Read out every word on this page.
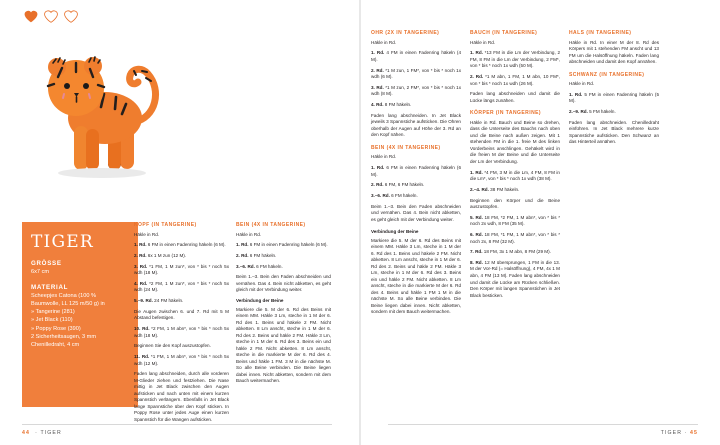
TIGER
GRÖSSE
6x7 cm
MATERIAL
Scheepjes Catona (100 %
Baumwolle, LL 125 m/50 g) in
» Tangerine (281)
» Jet Black (110)
» Poppy Rose (390)
2 Sicherheitsaugen, 3 mm
Chenilledraht, 4 cm
KOPF (IN TANGERINE)

Häkle in Rd.

1. Rd. 6 FM in einen Fadenring häkeln (6 M).

2. Rd. 6x 1 M zun (12 M).

3. Rd. *1 FM, 1 M zun*, von * bis * noch 5x wdh (18 M).

4. Rd. *2 FM, 1 M zun*, von * bis * noch 5x wdh (24 M).

5.–9. Rd. 24 FM häkeln.

Die Augen zwischen 6. und 7. Rd mit 5 M Abstand befestigen.

10. Rd. *2 FM, 1 M abn*, von * bis * noch 5x wdh (18 M).

Beginnen Sie den Kopf auszustopfen.

11. Rd. *1 FM, 1 M abn*, von * bis * noch 5x wdh (12 M).

Faden lang abschneiden, durch alle vorderen M-Glieder ziehen und festziehen. Die Nase mittig in Jet Black zwischen den Augen aufsticken und nach unten mit einem kurzen Spannstich verlängern. Ebenfalls in Jet Black lange Spannstiche über den Kopf sticken. In Poppy Rose unter jedes Auge einen kurzen Spannstich für die Wangen aufsticken.

BEIN (4X IN TANGERINE)

Häkle in Rd.

1. Rd. 6 FM in einen Fadenring häkeln (6 M).

2. Rd. 6 FM häkeln.

3.–6. Rd. 6 FM häkeln.

Beim 1.–3. Bein den Faden abschneiden und vernähen. Das 4. Bein nicht abketten, es geht gleich mit der Verbindung weiter.

Verbindung der Beine

Markiere die 5. M der 6. Rd des Beins mit einem MM. Häkle 3 Lm, steche in 1 M der 6. Rd des 1. Beins und häkele 2 FM. Nicht abketten. 8 Lm anscht, steche in 1 M der 6. Rd des 2. Beins und häkle 2 FM. Häkle 3 Lm, steche in 1 M der 6. Rd des 3. Beins ein und häkle 2 FM. Nicht abketten. 8 Lm anscht, steche in die markierte M der 6. Rd des 4. Beins und häkle 1 FM. 3 M in die nächste M. So alle Beine verbinden. Die Beine liegen dabei innen. Nicht abketten, sondern mit dem Bauch weitermachen.

OHR (2X IN TANGERINE)

Häkle in Rd.

1. Rd. 4 FM in einen Fadenring häkeln (4 M).

2. Rd. *1 M zun, 1 FM*, von * bis * noch 1x wdh (6 M).

3. Rd. *1 M zun, 2 FM*, von * bis * noch 1x wdh (8 M).

4. Rd. 8 FM häkeln.

Faden lang abschneiden. In Jet Black jeweils 3 Spannstiche aufsticken. Die Ohren oberhalb der Augen auf Höhe der 3. Rd an den Kopf nähen.

BEIN (4X IN TANGERINE)

Häkle in Rd.

1. Rd. 6 FM in einen Fadenring häkeln (6 M).

2. Rd. 6 FM, 6 FM häkeln.

3.–6. Rd. 6 FM häkeln.

Beim 1.–3. Bein den Faden abschneiden und vernähen. Das 4. Bein nicht abketten, es geht gleich mit der Verbindung weiter.

Verbindung der Beine

Markiere die 5. M der 6. Rd des Beins mit einem MM. Häkle 3 Lm, steche in 1 M der 6. Rd des 1. Beins und häkele 2 FM. Nicht abketten. 8 Lm anscht, steche in 1 M der 6. Rd des 2. Beins und häkle 2 FM. Häkle 3 Lm, steche in 1 M der 6. Rd des 3. Beins ein und häkle 2 FM. Nicht abketten. 8 Lm anscht, steche in die markierte M der 6. Rd des 4. Beins und häkle 1 FM 1 M in die nächste M. So alle Beine verbinden. Die Beine liegen dabei innen. Nicht abketten, sondern mit dem Bauch weitermachen.

BAUCH (IN TANGERINE)

Häkle in Rd.

1. Rd. *13 FM in die Lm der Verbindung, 2 FM, 8 FM in die Lm der Verbindung, 2 FM*, von * bis * noch 1x wdh (50 M).

2. Rd. *1 M abn, 1 FM, 1 M abn, 10 FM*, von * bis * noch 1x wdh (26 M).

Faden lang abschneiden und damit die Lücke längs zunähen.

KÖRPER (IN TANGERINE)

Häkle in Rd. Bauch und Beine so drehen, dass die Unterseite des Bauchs nach oben und die Beine nach außen zeigen. Mit 1 stehenden FM in die 1. freie M des linken Vorderbeins anschlingen. Gehäkelt wird in die freien M der Beine und die Unterseite der Lm der Verbindung.

1. Rd. *4 FM, 3 M in die Lm, 4 FM, 8 FM in die Lm*, von * bis * noch 1x wdh (38 M).

2.–4. Rd. 38 FM häkeln.

Beginnen den Körper und die Beine auszustopfen.

5. Rd. 18 FM, *2 FM, 1 M abn*, von * bis * noch 2x wdh, 8 FM (35 M).

6. Rd. 18 FM, *1 FM, 1 M abn*, von * bis * noch 2x, 8 FM (32 M).

7. Rd. 18 FM, 3x 1 M abn, 8 FM (29 M).

8. Rd. 12 M übersprungen, 1 FM in die 13. M der Vor-Rd (= Halsöffnung), 4 FM, 4x 1 M abn, 4 FM (13 M). Faden lang abschneiden und damit die Lücke am Rücken schließen. Den Körper mit langen Spannstichen in Jet Black besticken.

HALS (IN TANGERINE)

Häkle in Rd. In einer M der 8. Rd des Körpers mit 1 stehenden FM anscht und 13 FM um die Halsöffnung häkeln. Faden lang abschneiden und damit den Kopf annähen.

SCHWANZ (IN TANGERINE)

Häkle in Rd.

1. Rd. 5 FM in einen Fadenring häkeln (5 M).

2.–9. Rd. 5 FM häkeln.

Faden lang abschneiden. Chenilledraht einführen. In Jet Black mehrere kurze Spannstiche aufsticken. Den Schwanz an das Hinterteil annähen.

44  · TIGER	TIGER · 45
